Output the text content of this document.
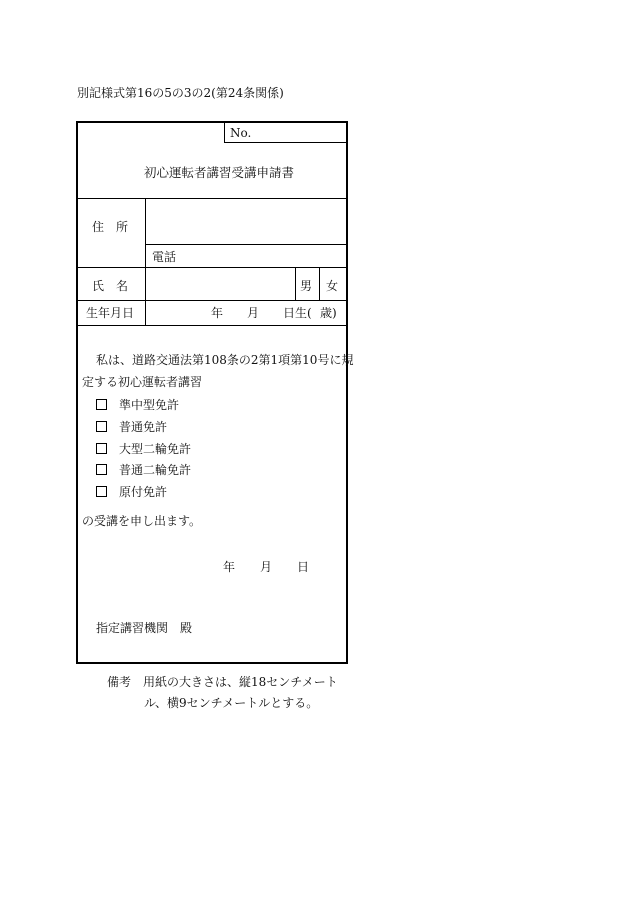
別記様式第16の5の3の2(第24条関係)
No.
初心運転者講習受講申請書
住　所
電話
氏　名	男 女
生年月日	年 月 日生( 歳)
私は、道路交通法第108条の2第1項第10号に規
定する初心運転者講習
準中型免許
普通免許
大型二輪免許
普通二輪免許
原付免許
の受講を申し出ます。
年 月 日
指定講習機関　殿
備考　用紙の大きさは、縦18センチメート
ル、横9センチメートルとする。
